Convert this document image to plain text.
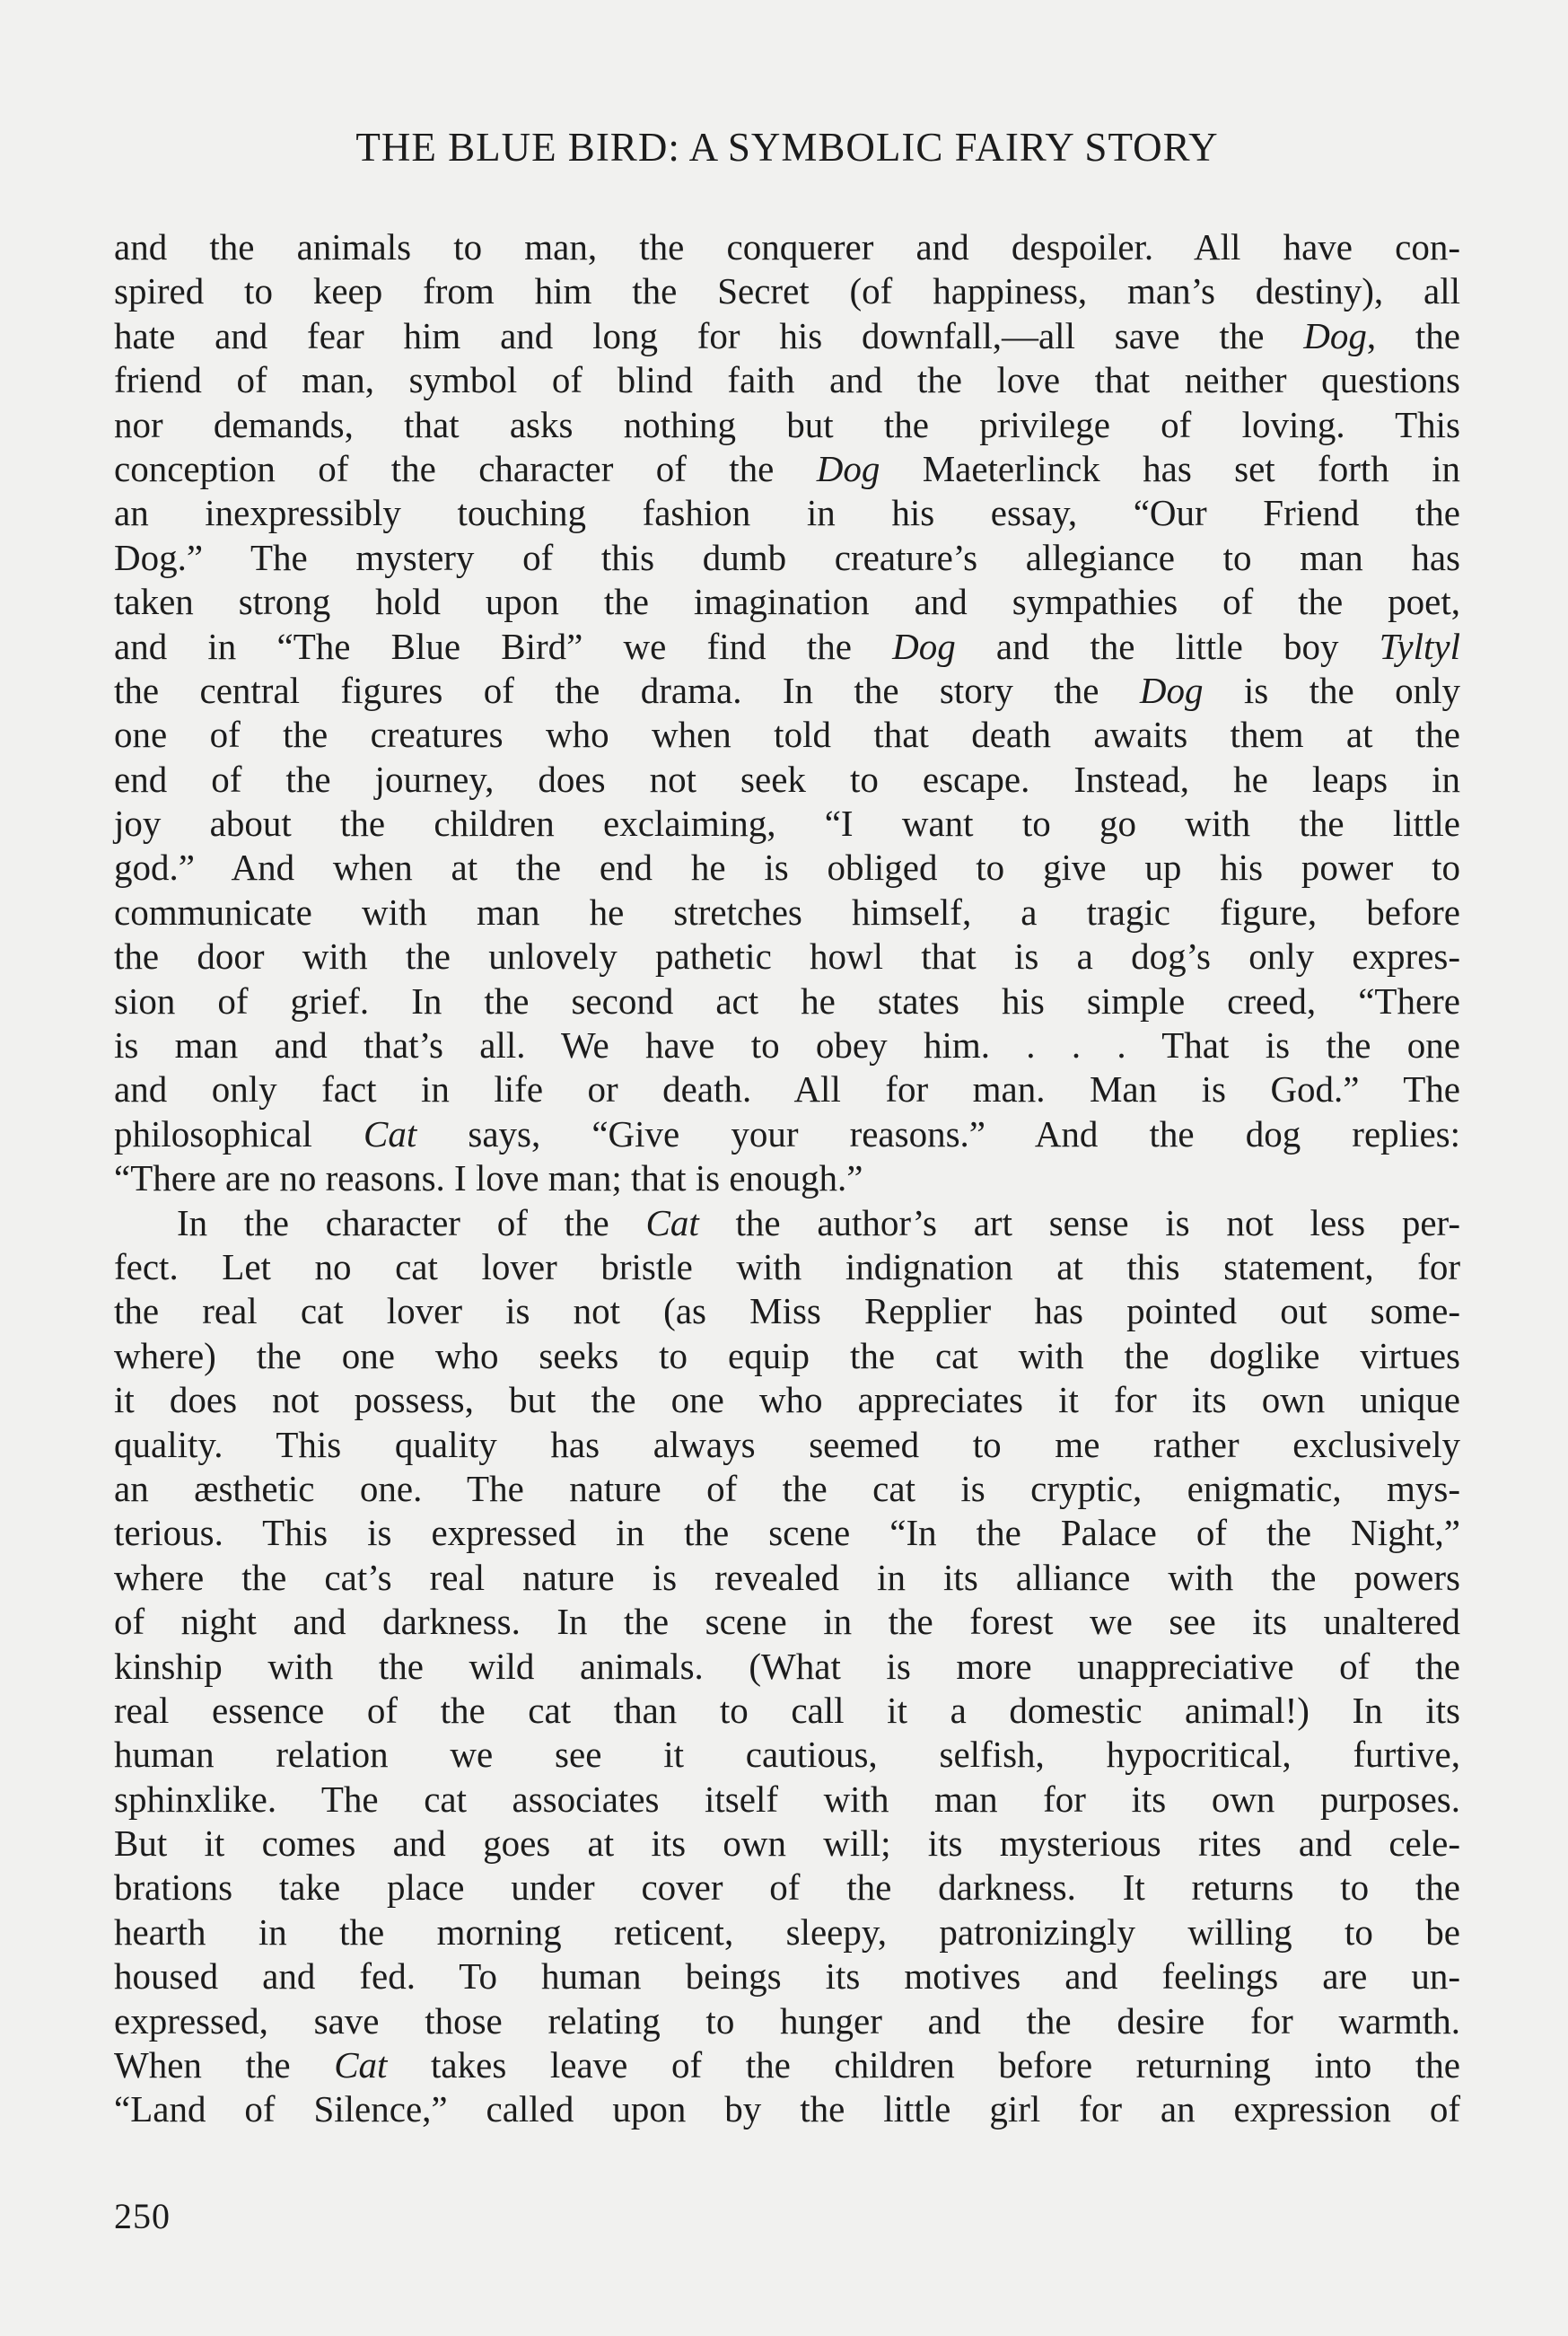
THE BLUE BIRD: A SYMBOLIC FAIRY STORY
and the animals to man, the conquerer and despoiler. All have con-
spired to keep from him the Secret (of happiness, man’s destiny), all
hate and fear him and long for his downfall,—all save the Dog, the
friend of man, symbol of blind faith and the love that neither questions
nor demands, that asks nothing but the privilege of loving. This
conception of the character of the Dog Maeterlinck has set forth in
an inexpressibly touching fashion in his essay, “Our Friend the
Dog.” The mystery of this dumb creature’s allegiance to man has
taken strong hold upon the imagination and sympathies of the poet,
and in “The Blue Bird” we find the Dog and the little boy Tyltyl
the central figures of the drama. In the story the Dog is the only
one of the creatures who when told that death awaits them at the
end of the journey, does not seek to escape. Instead, he leaps in
joy about the children exclaiming, “I want to go with the little
god.” And when at the end he is obliged to give up his power to
communicate with man he stretches himself, a tragic figure, before
the door with the unlovely pathetic howl that is a dog’s only expres-
sion of grief. In the second act he states his simple creed, “There
is man and that’s all. We have to obey him. . . . That is the one
and only fact in life or death. All for man. Man is God.” The
philosophical Cat says, “Give your reasons.” And the dog replies:
“There are no reasons. I love man; that is enough.”
In the character of the Cat the author’s art sense is not less per-
fect. Let no cat lover bristle with indignation at this statement, for
the real cat lover is not (as Miss Repplier has pointed out some-
where) the one who seeks to equip the cat with the doglike virtues
it does not possess, but the one who appreciates it for its own unique
quality. This quality has always seemed to me rather exclusively
an æsthetic one. The nature of the cat is cryptic, enigmatic, mys-
terious. This is expressed in the scene “In the Palace of the Night,”
where the cat’s real nature is revealed in its alliance with the powers
of night and darkness. In the scene in the forest we see its unaltered
kinship with the wild animals. (What is more unappreciative of the
real essence of the cat than to call it a domestic animal!) In its
human relation we see it cautious, selfish, hypocritical, furtive,
sphinxlike. The cat associates itself with man for its own purposes.
But it comes and goes at its own will; its mysterious rites and cele-
brations take place under cover of the darkness. It returns to the
hearth in the morning reticent, sleepy, patronizingly willing to be
housed and fed. To human beings its motives and feelings are un-
expressed, save those relating to hunger and the desire for warmth.
When the Cat takes leave of the children before returning into the
“Land of Silence,” called upon by the little girl for an expression of
250
